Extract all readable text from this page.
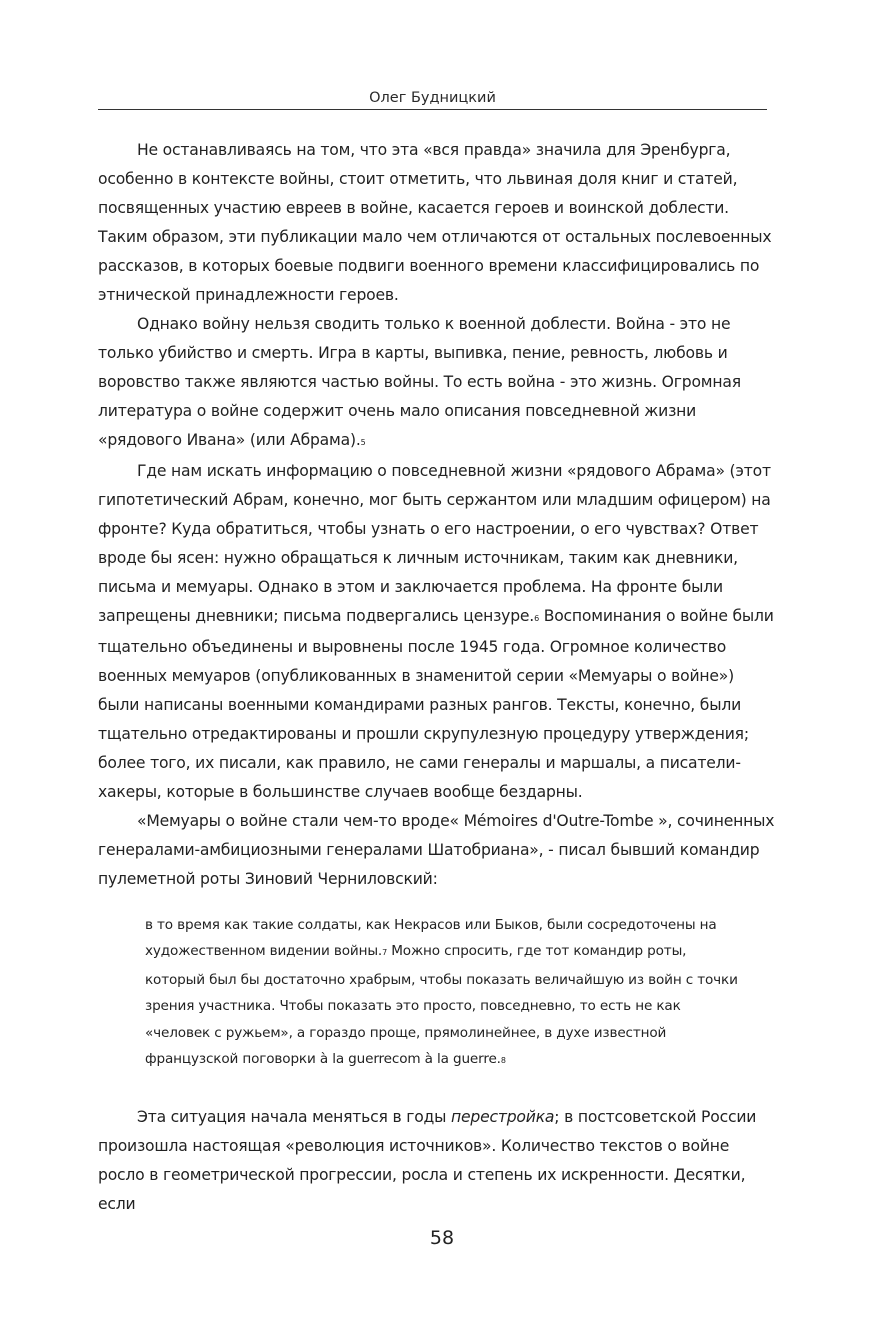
Олег Будницкий

Не останавливаясь на том, что эта «вся правда» значила для Эренбурга, особенно в контексте войны, стоит отметить, что львиная доля книг и статей, посвященных участию евреев в войне, касается героев и воинской доблести. Таким образом, эти публикации мало чем отличаются от остальных послевоенных рассказов, в которых боевые подвиги военного времени классифицировались по этнической принадлежности героев.

Однако войну нельзя сводить только к военной доблести. Война - это не только убийство и смерть. Игра в карты, выпивка, пение, ревность, любовь и воровство также являются частью войны. То есть война - это жизнь. Огромная литература о войне содержит очень мало описания повседневной жизни «рядового Ивана» (или Абрама).5

Где нам искать информацию о повседневной жизни «рядового Абрама» (этот гипотетический Абрам, конечно, мог быть сержантом или младшим офицером) на фронте? Куда обратиться, чтобы узнать о его настроении, о его чувствах? Ответ вроде бы ясен: нужно обращаться к личным источникам, таким как дневники, письма и мемуары. Однако в этом и заключается проблема. На фронте были запрещены дневники; письма подвергались цензуре.6 Воспоминания о войне были тщательно объединены и выровнены после 1945 года. Огромное количество военных мемуаров (опубликованных в знаменитой серии «Мемуары о войне») были написаны военными командирами разных рангов. Тексты, конечно, были тщательно отредактированы и прошли скрупулезную процедуру утверждения; более того, их писали, как правило, не сами генералы и маршалы, а писатели-хакеры, которые в большинстве случаев вообще бездарны.

«Мемуары о войне стали чем-то вроде« Mémoires d'Outre-Tombe », сочиненных генералами-амбициозными генералами Шатобриана», - писал бывший командир пулеметной роты Зиновий Черниловский:

в то время как такие солдаты, как Некрасов или Быков, были сосредоточены на художественном видении войны.7 Можно спросить, где тот командир роты, который был бы достаточно храбрым, чтобы показать величайшую из войн с точки зрения участника. Чтобы показать это просто, повседневно, то есть не как «человек с ружьем», а гораздо проще, прямолинейнее, в духе известной французской поговорки à la guerrecom à la guerre.8

Эта ситуация начала меняться в годы перестройка; в постсоветской России произошла настоящая «революция источников». Количество текстов о войне росло в геометрической прогрессии, росла и степень их искренности. Десятки, если

58
